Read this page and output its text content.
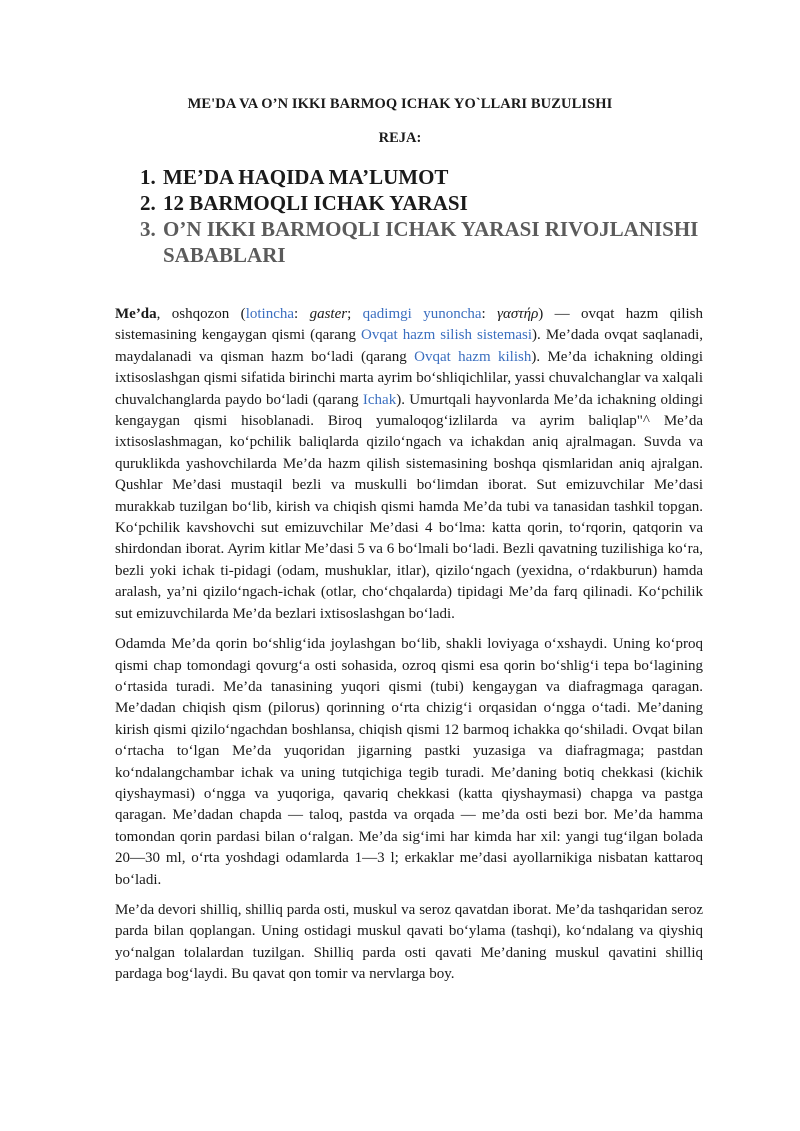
ME'DA VA O’N IKKI BARMOQ ICHAK YO`LLARI BUZULISHI
REJA:
1. ME’DA HAQIDA MA’LUMOT
2. 12 BARMOQLI ICHAK YARASI
3. O’N IKKI BARMOQLI ICHAK YARASI RIVOJLANISHI SABABLARI

Me’da, oshqozon (lotincha: gaster; qadimgi yunoncha: γαστήρ) — ovqat hazm qilish sistemasining kengaygan qismi (qarang Ovqat hazm silish sistemasi). Me’dada ovqat saqlanadi, maydalanadi va qisman hazm bo‘ladi (qarang Ovqat hazm kilish). Me’da ichakning oldingi ixtisoslashgan qismi sifatida birinchi marta ayrim bo‘shliqichlilar, yassi chuvalchanglar va xalqali chuvalchanglarda paydo bo‘ladi (qarang Ichak). Umurtqali hayvonlarda Me’da ichakning oldingi kengaygan qismi hisoblanadi. Biroq yumaloqog‘izlilarda va ayrim baliqlap"^ Me’da ixtisoslashmagan, ko‘pchilik baliqlarda qizilo‘ngach va ichakdan aniq ajralmagan. Suvda va quruklikda yashovchilarda Me’da hazm qilish sistemasining boshqa qismlaridan aniq ajralgan. Qushlar Me’dasi mustaqil bezli va muskulli bo‘limdan iborat. Sut emizuvchilar Me’dasi murakkab tuzilgan bo‘lib, kirish va chiqish qismi hamda Me’da tubi va tanasidan tashkil topgan. Ko‘pchilik kavshovchi sut emizuvchilar Me’dasi 4 bo‘lma: katta qorin, to‘rqorin, qatqorin va shirdondan iborat. Ayrim kitlar Me’dasi 5 va 6 bo‘lmali bo‘ladi. Bezli qavatning tuzilishiga ko‘ra, bezli yoki ichak ti-pidagi (odam, mushuklar, itlar), qizilo‘ngach (yexidna, o‘rdakburun) hamda aralash, ya’ni qizilo‘ngach-ichak (otlar, cho‘chqalarda) tipidagi Me’da farq qilinadi. Ko‘pchilik sut emizuvchilarda Me’da bezlari ixtisoslashgan bo‘ladi.

Odamda Me’da qorin bo‘shlig‘ida joylashgan bo‘lib, shakli loviyaga o‘xshaydi. Uning ko‘proq qismi chap tomondagi qovurg‘a osti sohasida, ozroq qismi esa qorin bo‘shlig‘i tepa bo‘lagining o‘rtasida turadi. Me’da tanasining yuqori qismi (tubi) kengaygan va diafragmaga qaragan. Me’dadan chiqish qism (pilorus) qorinning o‘rta chizig‘i orqasidan o‘ngga o‘tadi. Me’daning kirish qismi qizilo‘ngachdan boshlansa, chiqish qismi 12 barmoq ichakka qo‘shiladi. Ovqat bilan o‘rtacha to‘lgan Me’da yuqoridan jigarning pastki yuzasiga va diafragmaga; pastdan ko‘ndalangchambar ichak va uning tutqichiga tegib turadi. Me’daning botiq chekkasi (kichik qiyshaymasi) o‘ngga va yuqoriga, qavariq chekkasi (katta qiyshaymasi) chapga va pastga qaragan. Me’dadan chapda — taloq, pastda va orqada — me’da osti bezi bor. Me’da hamma tomondan qorin pardasi bilan o‘ralgan. Me’da sig‘imi har kimda har xil: yangi tug‘ilgan bolada 20—30 ml, o‘rta yoshdagi odamlarda 1—3 l; erkaklar me’dasi ayollarnikiga nisbatan kattaroq bo‘ladi.

Me’da devori shilliq, shilliq parda osti, muskul va seroz qavatdan iborat. Me’da tashqaridan seroz parda bilan qoplangan. Uning ostidagi muskul qavati bo‘ylama (tashqi), ko‘ndalang va qiyshiq yo‘nalgan tolalardan tuzilgan. Shilliq parda osti qavati Me’daning muskul qavatini shilliq pardaga bog‘laydi. Bu qavat qon tomir va nervlarga boy.
